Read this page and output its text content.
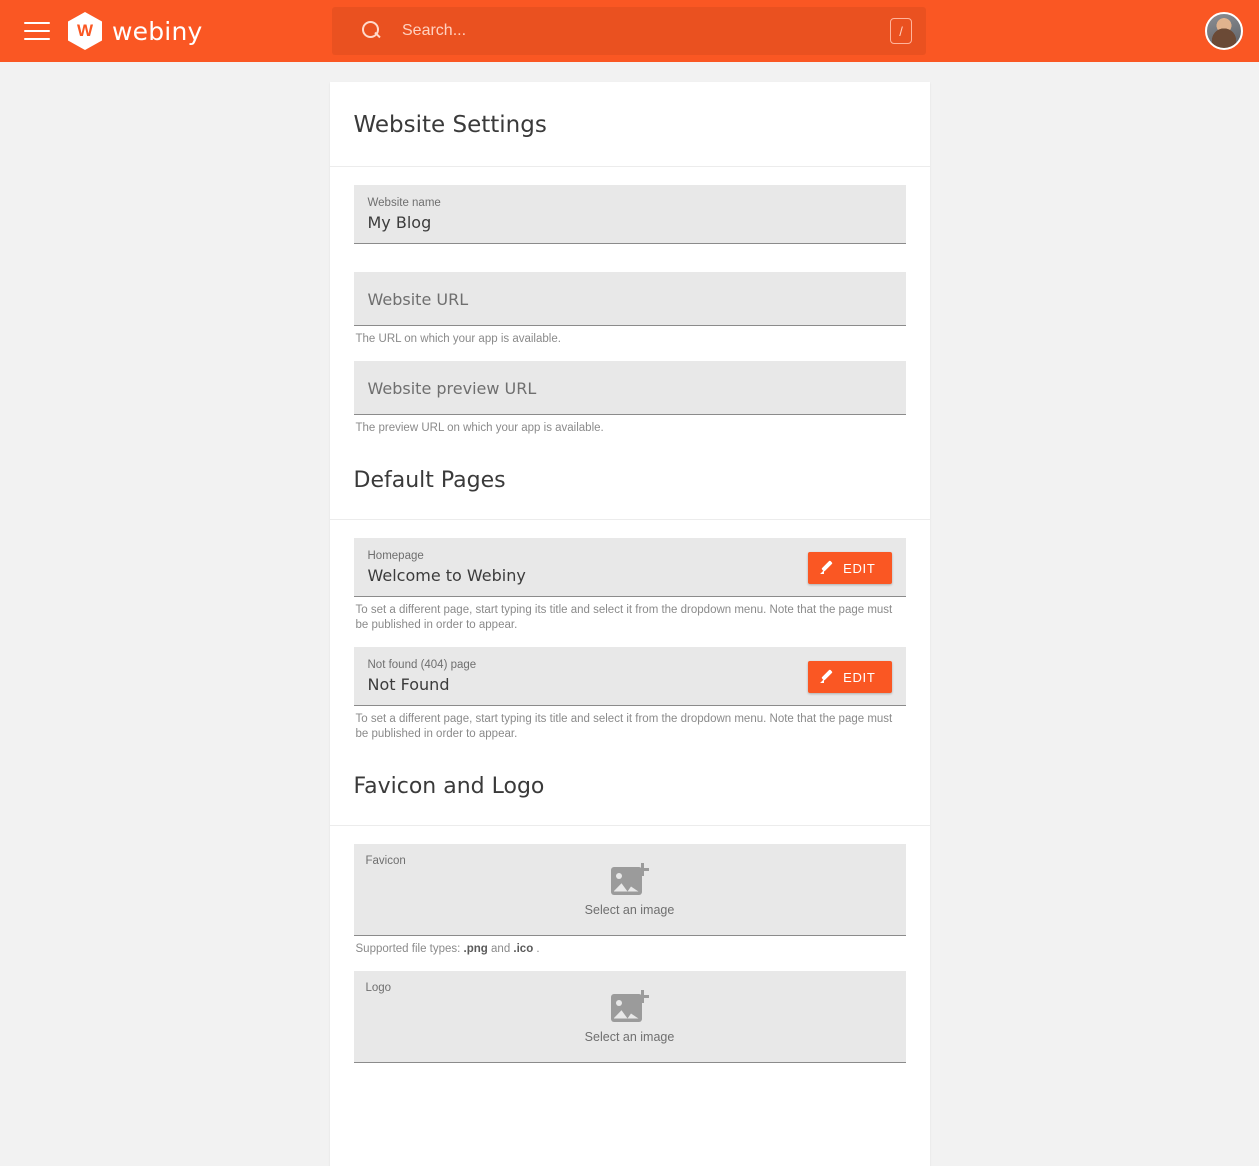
W
webiny
Search...	/
Website Settings
Website name
My Blog
Website URL
The URL on which your app is available.
Website preview URL
The preview URL on which your app is available.
Default Pages
Homepage
Welcome to Webiny	EDIT
To set a different page, start typing its title and select it from the dropdown menu. Note that the page must be published in order to appear.
Not found (404) page
Not Found	EDIT
To set a different page, start typing its title and select it from the dropdown menu. Note that the page must be published in order to appear.
Favicon and Logo
Favicon
Select an image
Supported file types: .png and .ico .
Logo
Select an image
